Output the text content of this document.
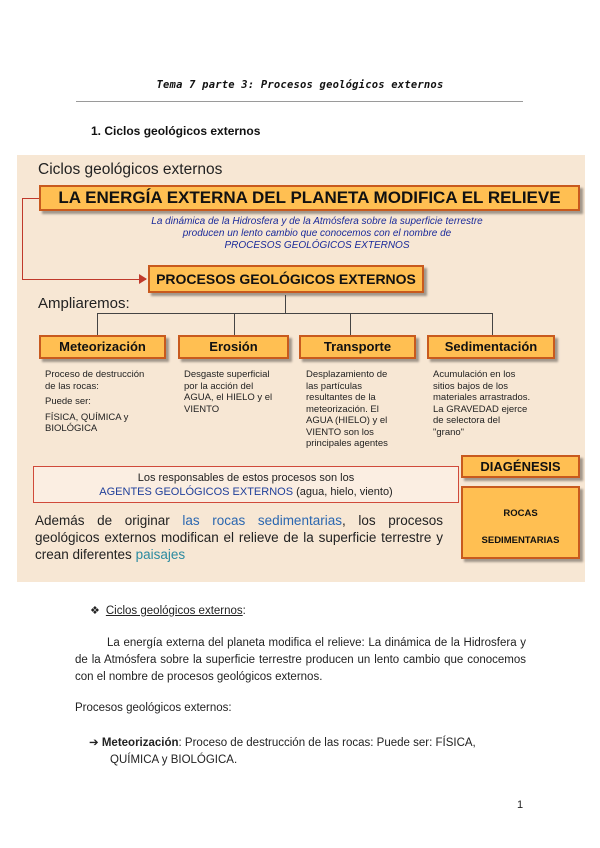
Tema 7 parte 3: Procesos geológicos externos
1. Ciclos geológicos externos
Ciclos geológicos externos
LA ENERGÍA EXTERNA DEL PLANETA MODIFICA EL RELIEVE
La dinámica de la Hidrosfera y de la Atmósfera sobre la superficie terrestre
producen un lento cambio que conocemos con el nombre de
PROCESOS GEOLÓGICOS EXTERNOS
PROCESOS GEOLÓGICOS EXTERNOS
Ampliaremos:
Meteorización	Erosión	Transporte	Sedimentación
Proceso de destrucción
de las rocas:
Puede ser:
FÍSICA, QUÍMICA y
BIOLÓGICA
Desgaste superficial
por la acción del
AGUA, el HIELO y el
VIENTO
Desplazamiento de
las partículas
resultantes de la
meteorización. El
AGUA (HIELO) y el
VIENTO son los
principales agentes
Acumulación en los
sitios bajos de los
materiales arrastrados.
La GRAVEDAD ejerce
de selectora del
"grano"
Los responsables de estos procesos son los
AGENTES GEOLÓGICOS EXTERNOS (agua, hielo, viento)
Además de originar las rocas sedimentarias, los procesos geológicos externos modifican el relieve de la superficie terrestre y crean diferentes paisajes
DIAGÉNESIS
ROCAS
SEDIMENTARIAS
❖ Ciclos geológicos externos:
La energía externa del planeta modifica el relieve: La dinámica de la Hidrosfera y de la Atmósfera sobre la superficie terrestre producen un lento cambio que conocemos con el nombre de procesos geológicos externos.
Procesos geológicos externos:
➔ Meteorización: Proceso de destrucción de las rocas: Puede ser: FÍSICA,
QUÍMICA y BIOLÓGICA.
1
